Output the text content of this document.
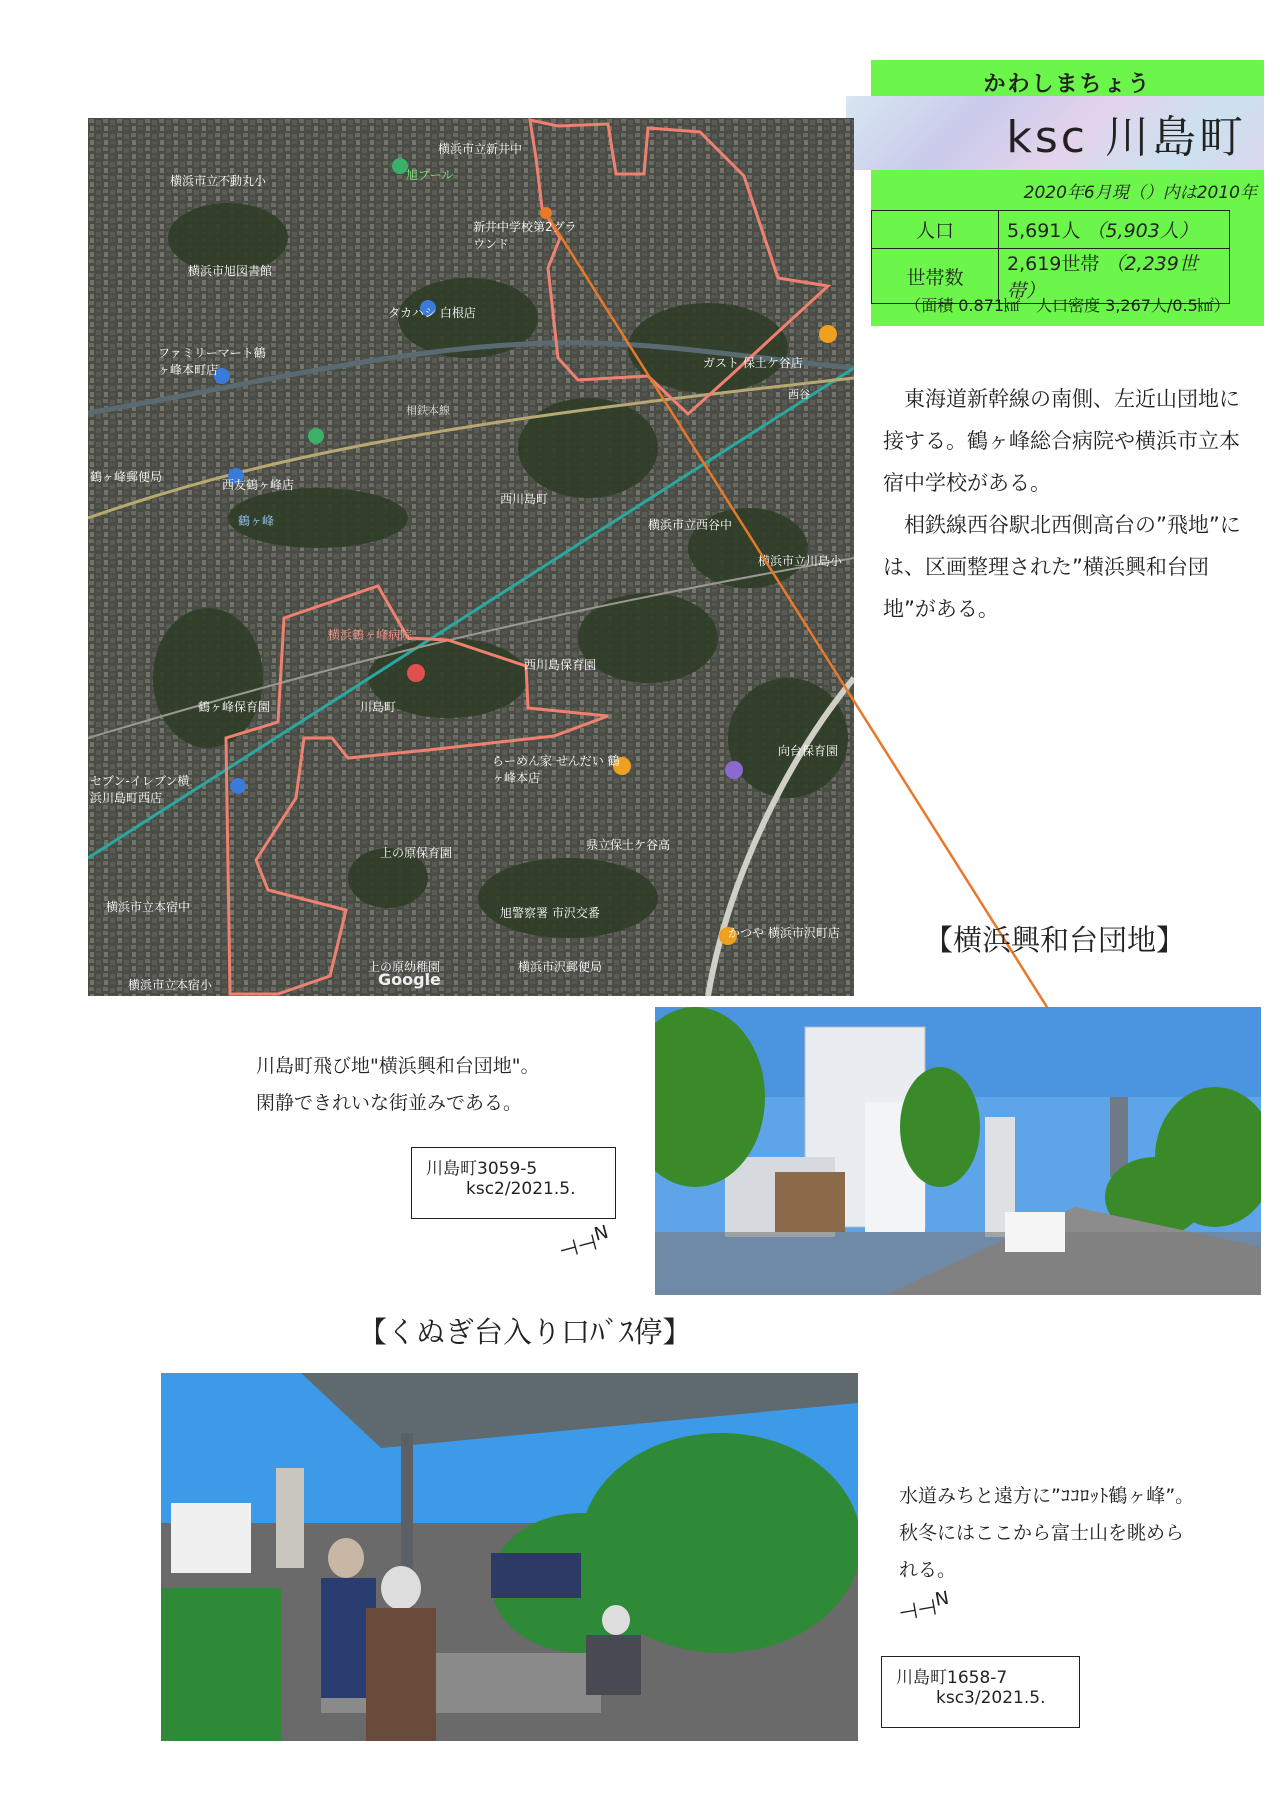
かわしまちょう
ksc 川島町
2020年6月現（）内は2010年
人口	5,691人 （5,903人）
世帯数	2,619世帯 （2,239世帯）
（面積 0.871㎢　人口密度 3,267人/0.5㎢）
横浜市立新井中
横浜市立不動丸小	旭プール
新井中学校第2グラウンド
横浜市旭図書館
タカハシ 白根店
ファミリーマート鶴ヶ峰本町店	ガスト 保土ケ谷店
西谷
相鉄本線
鶴ヶ峰郵便局
西友鶴ヶ峰店
鶴ヶ峰
西川島町
横浜市立西谷中
横浜市立川島小
横浜鶴ヶ峰病院
西川島保育園
鶴ヶ峰保育園	川島町
らーめん家 せんだい 鶴ヶ峰本店
向台保育園
セブン-イレブン横浜川島町西店
上の原保育園
県立保土ケ谷高
横浜市立本宿中	旭警察署 市沢交番
上の原幼稚園	横浜市沢郵便局
かつや 横浜市沢町店
横浜市立本宿小	Google

東海道新幹線の南側、左近山団地に接する。鶴ヶ峰総合病院や横浜市立本宿中学校がある。

相鉄線西谷駅北西側高台の”飛地”には、区画整理された”横浜興和台団地”がある。

【横浜興和台団地】
川島町飛び地"横浜興和台団地"。
閑静できれいな街並みである。
川島町3059-5
ksc2/2021.5.
⊣⊣$^N$
【くぬぎ台入り口ﾊﾞｽ停】
水道みちと遠方に”ｺｺﾛｯﾄ鶴ヶ峰”。
秋冬にはここから富士山を眺めら
れる。
⊣⊣$^N$
川島町1658-7
ksc3/2021.5.
